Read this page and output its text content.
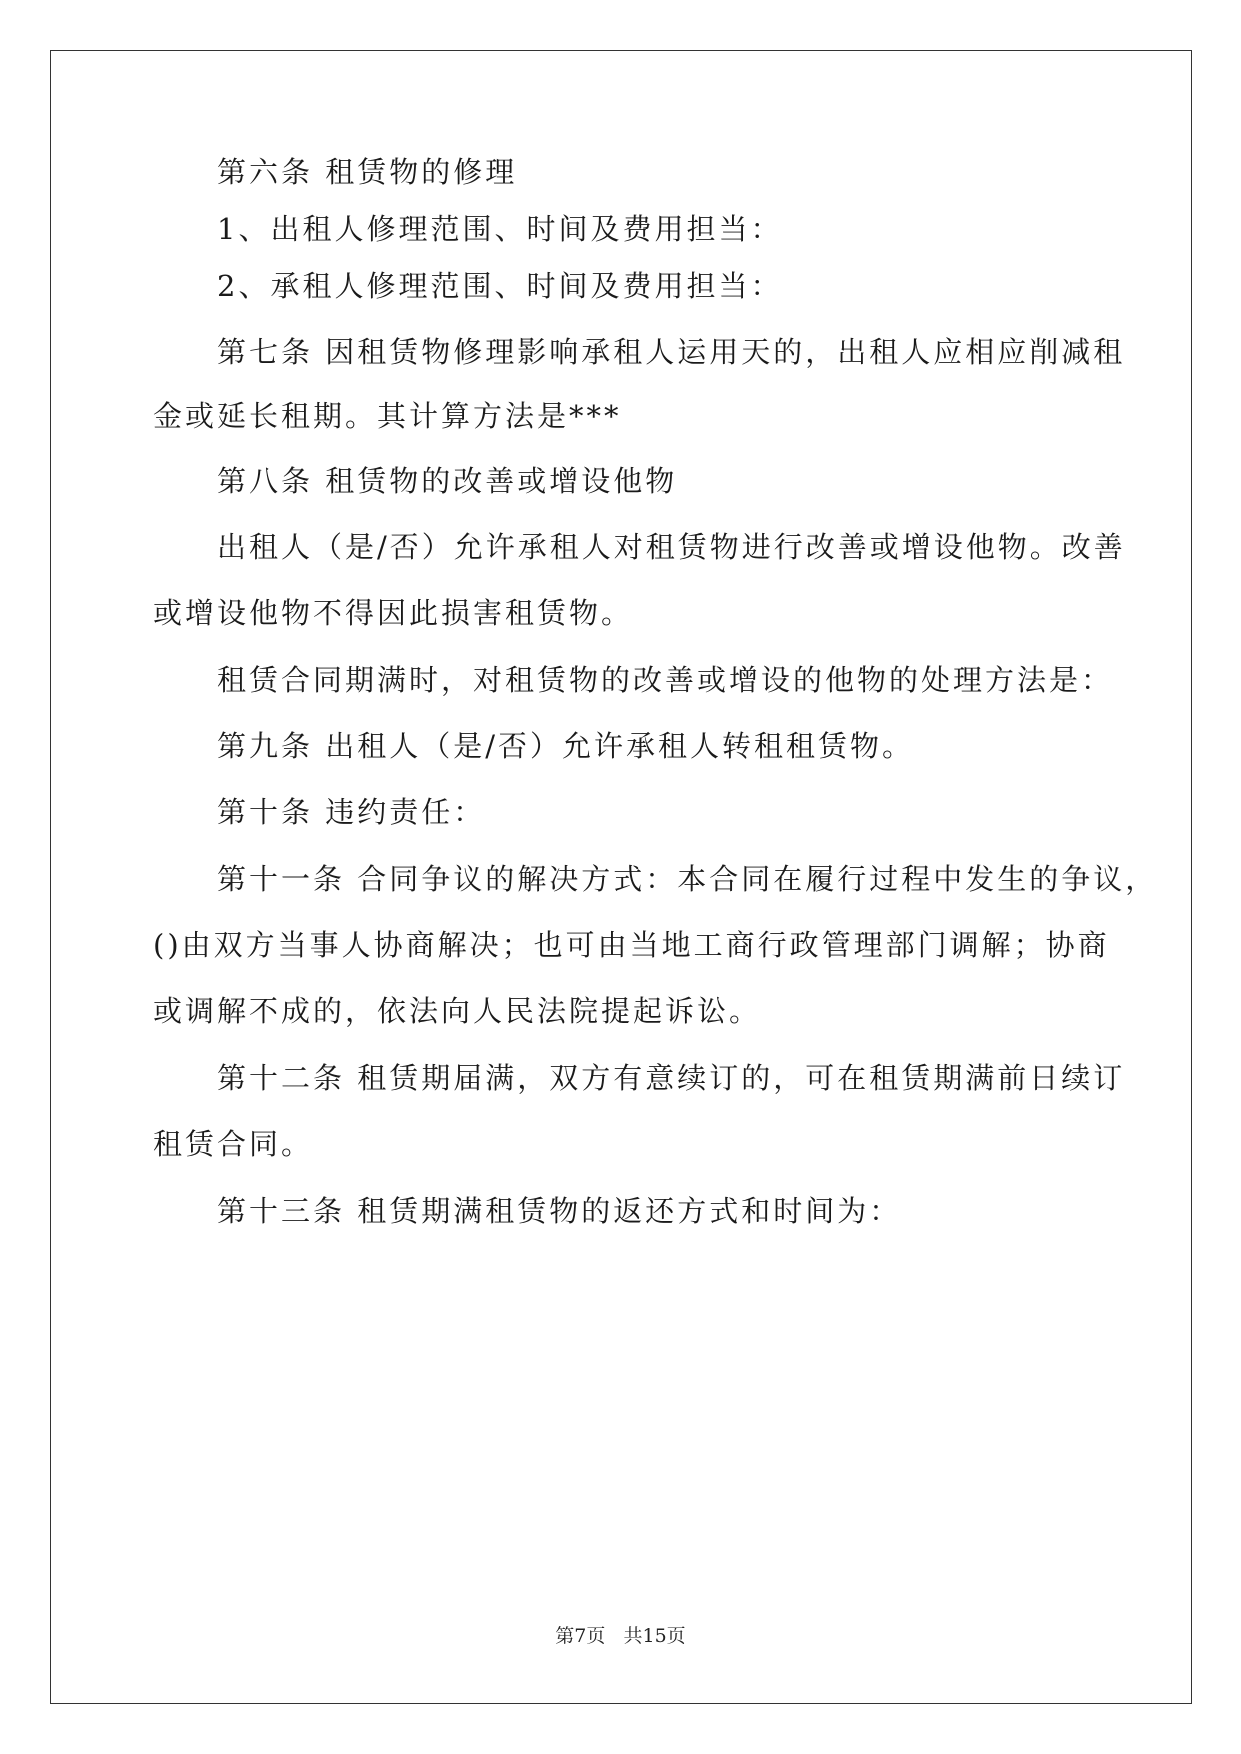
第六条 租赁物的修理

1、出租人修理范围、时间及费用担当：

2、承租人修理范围、时间及费用担当：

第七条 因租赁物修理影响承租人运用天的，出租人应相应削减租

金或延长租期。其计算方法是***

第八条 租赁物的改善或增设他物

出租人（是/否）允许承租人对租赁物进行改善或增设他物。改善

或增设他物不得因此损害租赁物。

租赁合同期满时，对租赁物的改善或增设的他物的处理方法是：

第九条 出租人（是/否）允许承租人转租租赁物。

第十条 违约责任：

第十一条 合同争议的解决方式：本合同在履行过程中发生的争议，

()由双方当事人协商解决；也可由当地工商行政管理部门调解；协商

或调解不成的，依法向人民法院提起诉讼。

第十二条 租赁期届满，双方有意续订的，可在租赁期满前日续订

租赁合同。

第十三条 租赁期满租赁物的返还方式和时间为：

第7页   共15页
